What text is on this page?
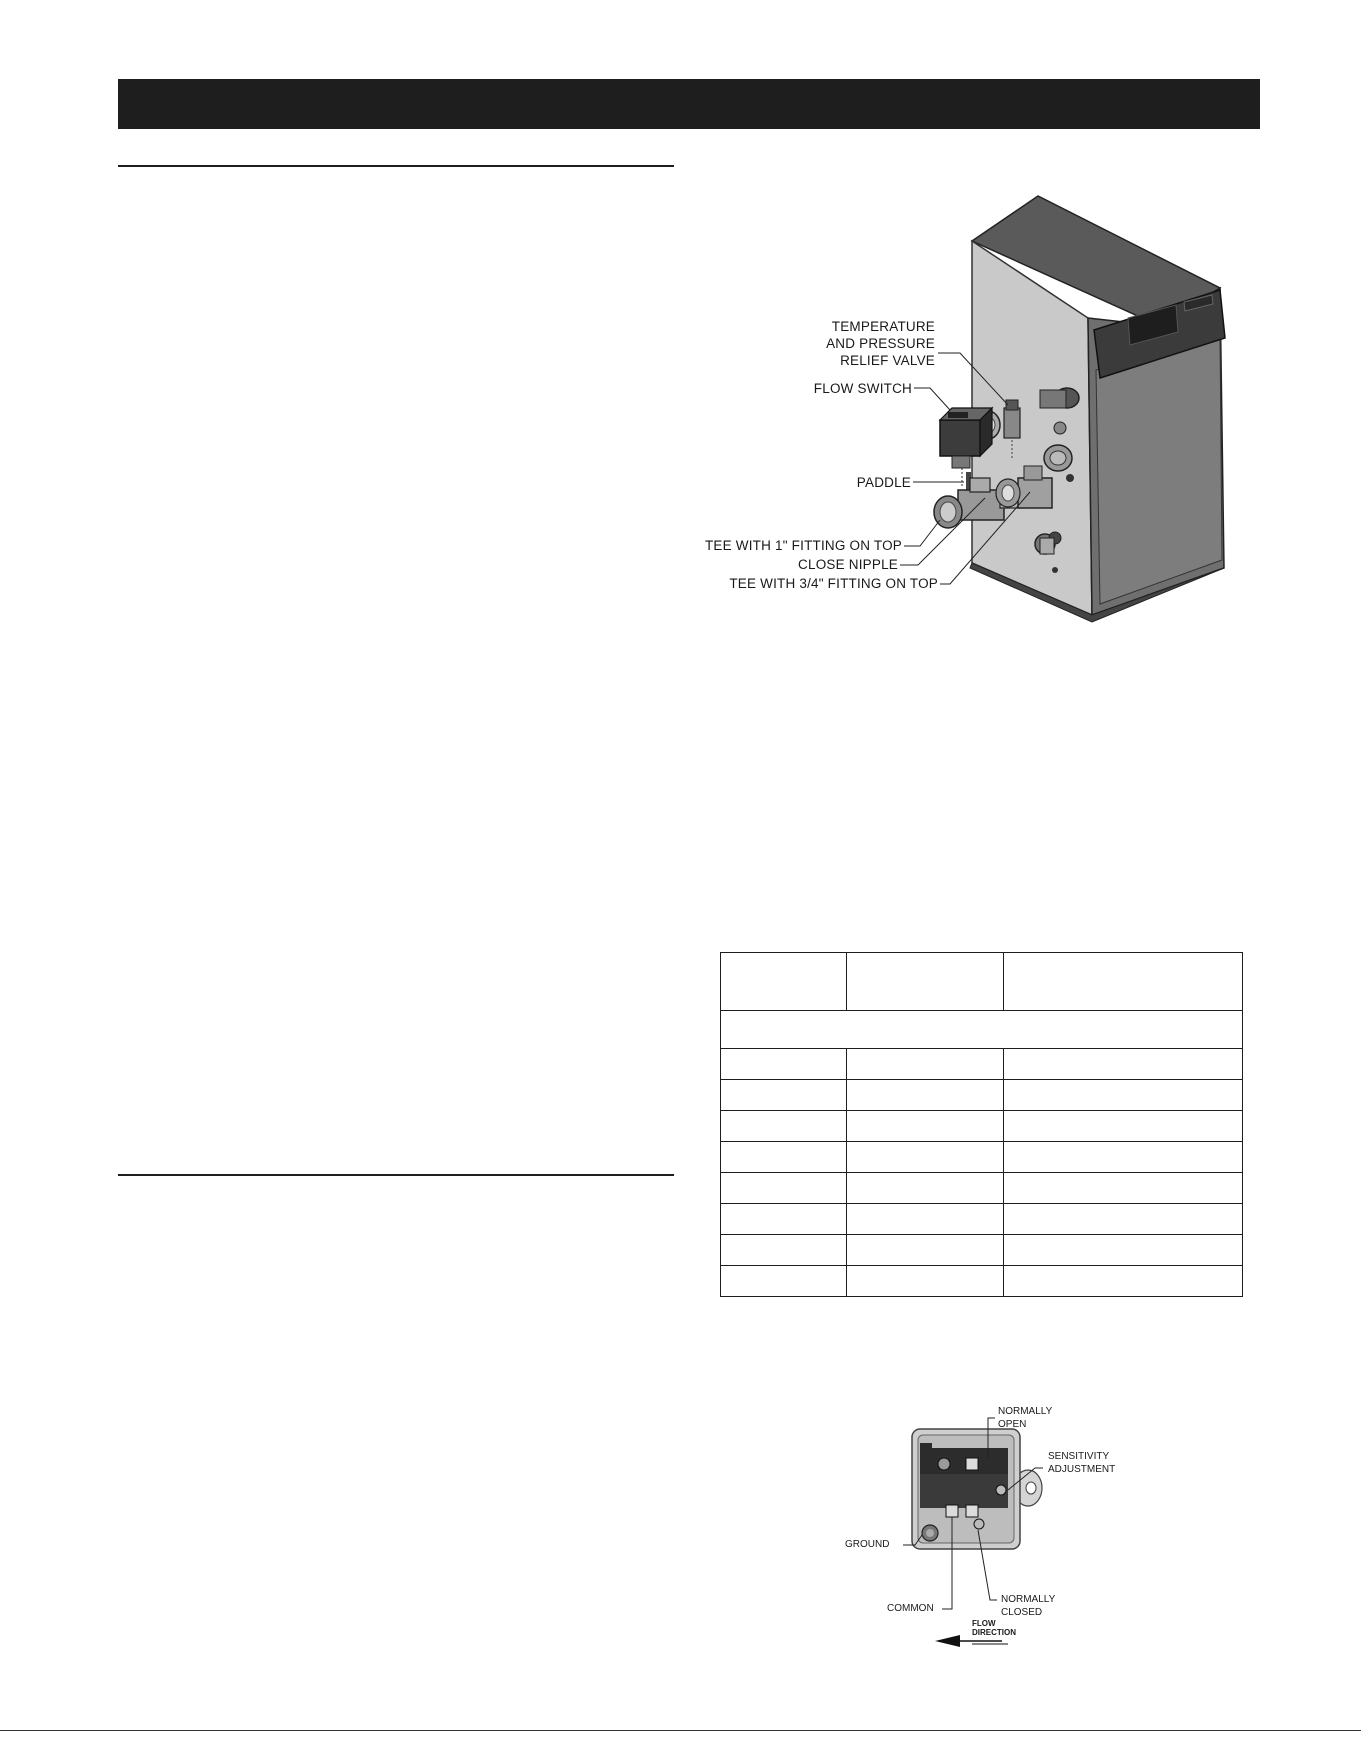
TEMPERATURE
AND PRESSURE
RELIEF VALVE
FLOW SWITCH
PADDLE
TEE WITH 1" FITTING ON TOP
CLOSE NIPPLE
TEE WITH 3/4" FITTING ON TOP

NORMALLY
OPEN
SENSITIVITY
ADJUSTMENT
GROUND
COMMON
NORMALLY
CLOSED
FLOW
DIRECTION
